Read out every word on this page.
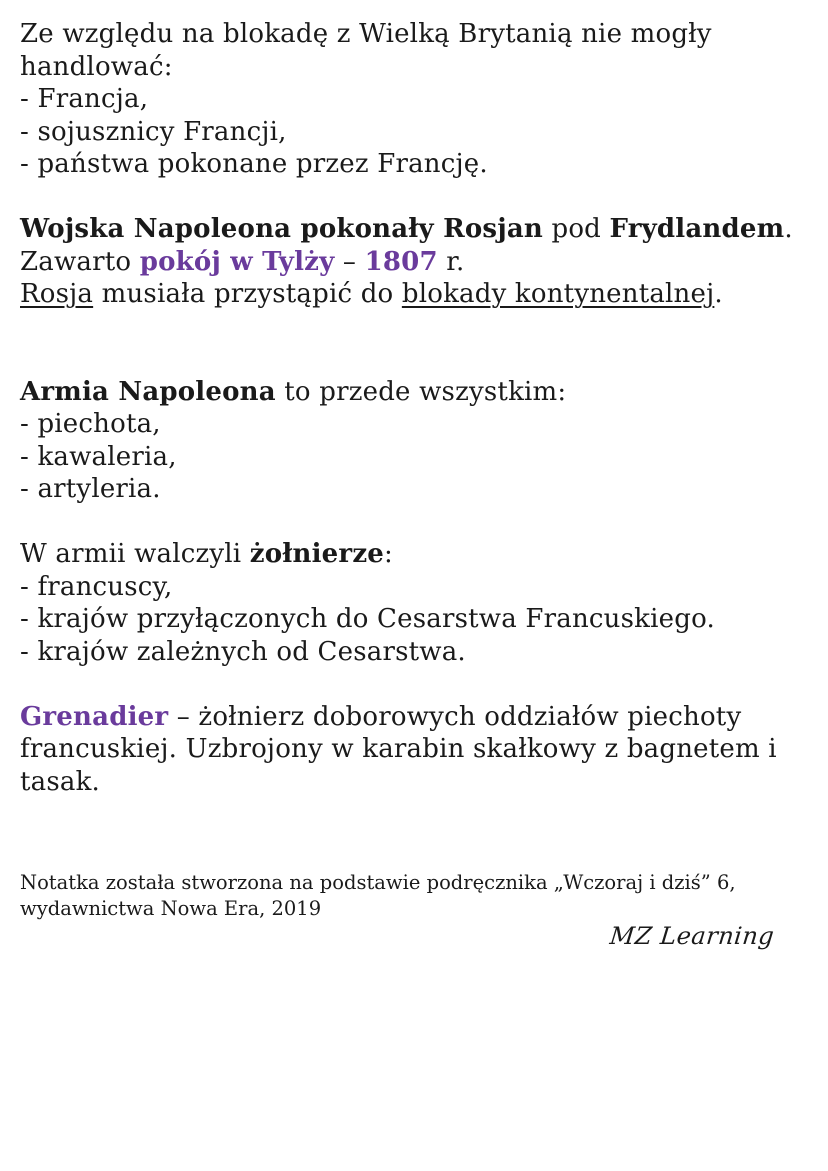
Ze względu na blokadę z Wielką Brytanią nie mogły
handlować:
- Francja,
- sojusznicy Francji,
- państwa pokonane przez Francję.
Wojska Napoleona pokonały Rosjan pod Frydlandem.
Zawarto pokój w Tylży – 1807 r.
Rosja musiała przystąpić do blokady kontynentalnej.
Armia Napoleona to przede wszystkim:
- piechota,
- kawaleria,
- artyleria.
W armii walczyli żołnierze:
- francuscy,
- krajów przyłączonych do Cesarstwa Francuskiego.
- krajów zależnych od Cesarstwa.
Grenadier – żołnierz doborowych oddziałów piechoty
francuskiej. Uzbrojony w karabin skałkowy z bagnetem i
tasak.
Notatka została stworzona na podstawie podręcznika „Wczoraj i dziś” 6,
wydawnictwa Nowa Era, 2019
MZ Learning
